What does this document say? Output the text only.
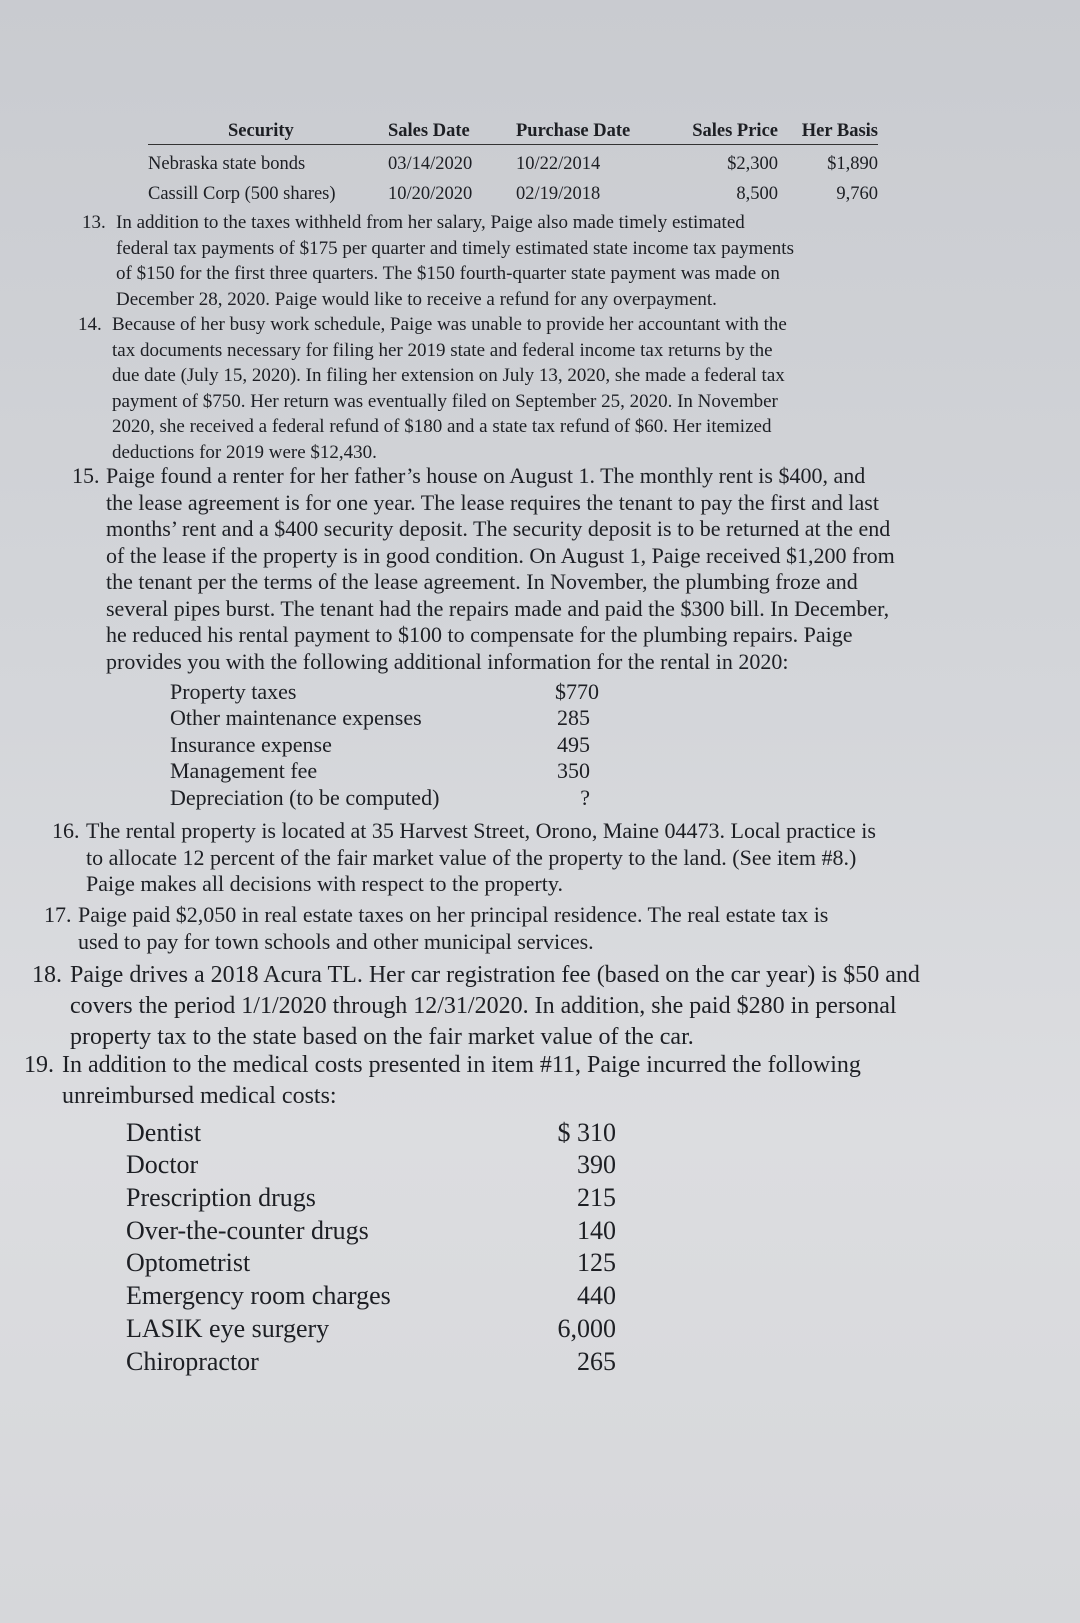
Security	Sales Date	Purchase Date	Sales Price	Her Basis
Nebraska state bonds	03/14/2020	10/22/2014	$2,300	$1,890
Cassill Corp (500 shares)	10/20/2020	02/19/2018	8,500	9,760
13. In addition to the taxes withheld from her salary, Paige also made timely estimated

federal tax payments of $175 per quarter and timely estimated state income tax payments

of $150 for the first three quarters. The $150 fourth-quarter state payment was made on

December 28, 2020. Paige would like to receive a refund for any overpayment.

14. Because of her busy work schedule, Paige was unable to provide her accountant with the

tax documents necessary for filing her 2019 state and federal income tax returns by the

due date (July 15, 2020). In filing her extension on July 13, 2020, she made a federal tax

payment of $750. Her return was eventually filed on September 25, 2020. In November

2020, she received a federal refund of $180 and a state tax refund of $60. Her itemized

deductions for 2019 were $12,430.

15. Paige found a renter for her father’s house on August 1. The monthly rent is $400, and

the lease agreement is for one year. The lease requires the tenant to pay the first and last

months’ rent and a $400 security deposit. The security deposit is to be returned at the end

of the lease if the property is in good condition. On August 1, Paige received $1,200 from

the tenant per the terms of the lease agreement. In November, the plumbing froze and

several pipes burst. The tenant had the repairs made and paid the $300 bill. In December,

he reduced his rental payment to $100 to compensate for the plumbing repairs. Paige

provides you with the following additional information for the rental in 2020:

Property taxes	$770
Other maintenance expenses	285
Insurance expense	495
Management fee	350
Depreciation (to be computed)	?
16. The rental property is located at 35 Harvest Street, Orono, Maine 04473. Local practice is

to allocate 12 percent of the fair market value of the property to the land. (See item #8.)

Paige makes all decisions with respect to the property.

17. Paige paid $2,050 in real estate taxes on her principal residence. The real estate tax is

used to pay for town schools and other municipal services.

18. Paige drives a 2018 Acura TL. Her car registration fee (based on the car year) is $50 and

covers the period 1/1/2020 through 12/31/2020. In addition, she paid $280 in personal

property tax to the state based on the fair market value of the car.

19. In addition to the medical costs presented in item #11, Paige incurred the following

unreimbursed medical costs:

Dentist	$ 310
Doctor	390
Prescription drugs	215
Over-the-counter drugs	140
Optometrist	125
Emergency room charges	440
LASIK eye surgery	6,000
Chiropractor	265
